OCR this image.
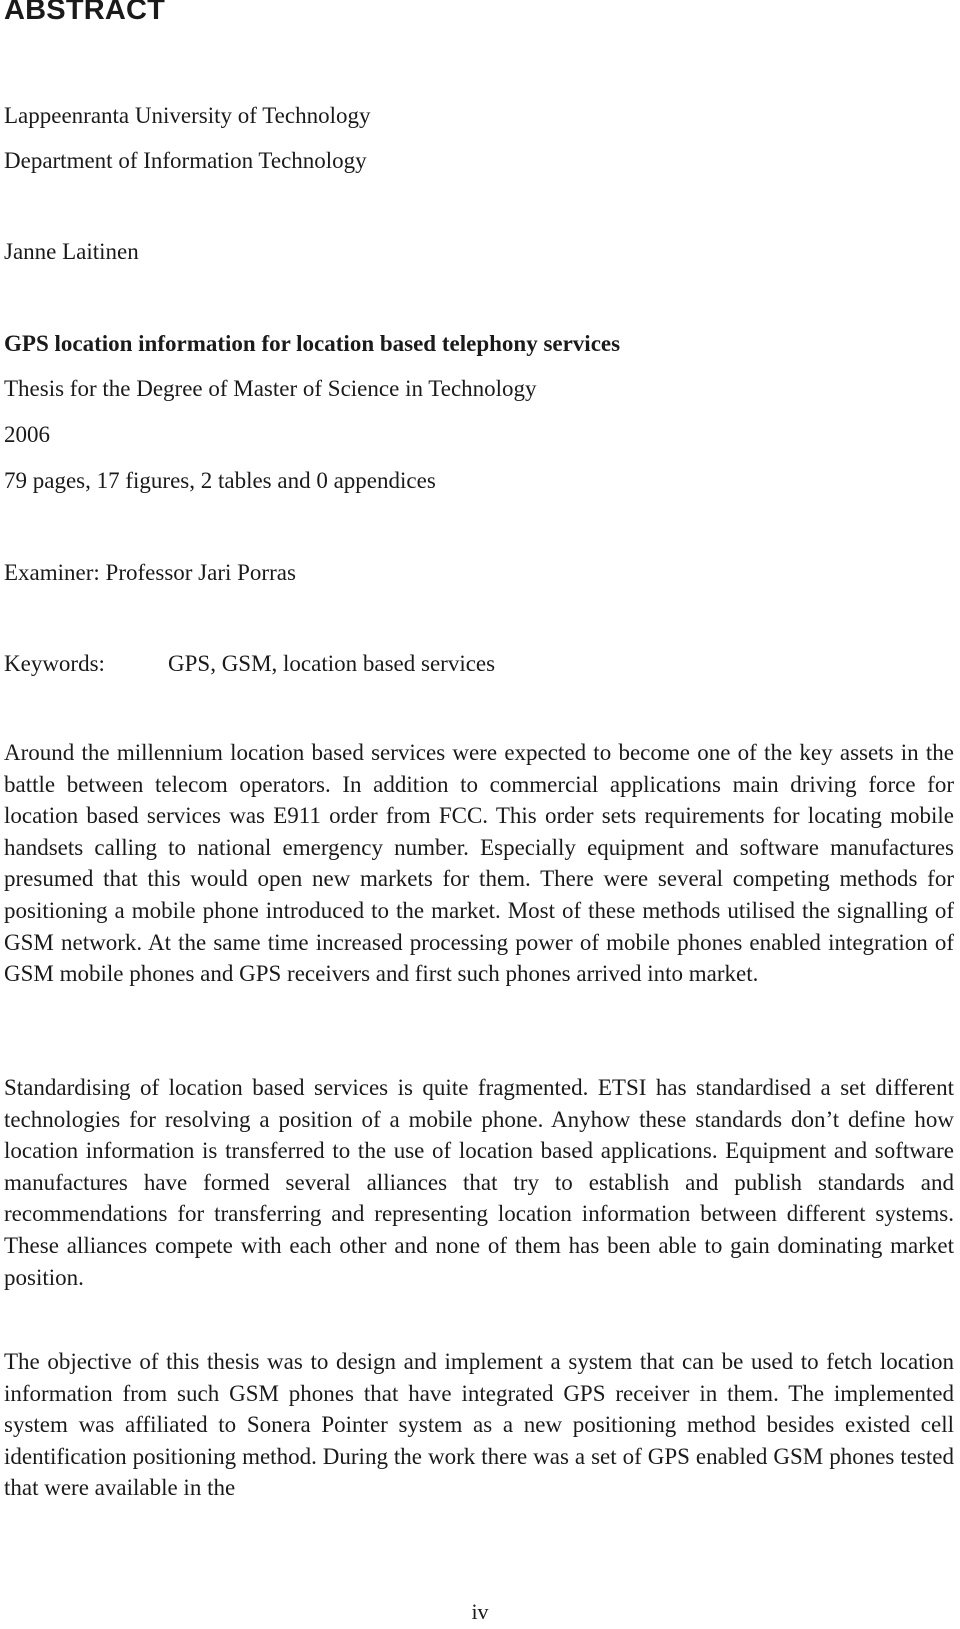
ABSTRACT

Lappeenranta University of Technology

Department of Information Technology

Janne Laitinen

GPS location information for location based telephony services

Thesis for the Degree of Master of Science in Technology

2006

79 pages, 17 figures, 2 tables and 0 appendices

Examiner: Professor Jari Porras

Keywords:	GPS, GSM, location based services

Around the millennium location based services were expected to become one of the key assets in the battle between telecom operators. In addition to commercial applications main driving force for location based services was E911 order from FCC. This order sets requirements for locating mobile handsets calling to national emergency number. Especially equipment and software manufactures presumed that this would open new markets for them. There were several competing methods for positioning a mobile phone introduced to the market. Most of these methods utilised the signalling of GSM network. At the same time increased processing power of mobile phones enabled integration of GSM mobile phones and GPS receivers and first such phones arrived into market.

Standardising of location based services is quite fragmented. ETSI has standardised a set different technologies for resolving a position of a mobile phone. Anyhow these standards don’t define how location information is transferred to the use of location based applications. Equipment and software manufactures have formed several alliances that try to establish and publish standards and recommendations for transferring and representing location information between different systems. These alliances compete with each other and none of them has been able to gain dominating market position.

The objective of this thesis was to design and implement a system that can be used to fetch location information from such GSM phones that have integrated GPS receiver in them. The implemented system was affiliated to Sonera Pointer system as a new positioning method besides existed cell identification positioning method. During the work there was a set of GPS enabled GSM phones tested that were available in the

iv
